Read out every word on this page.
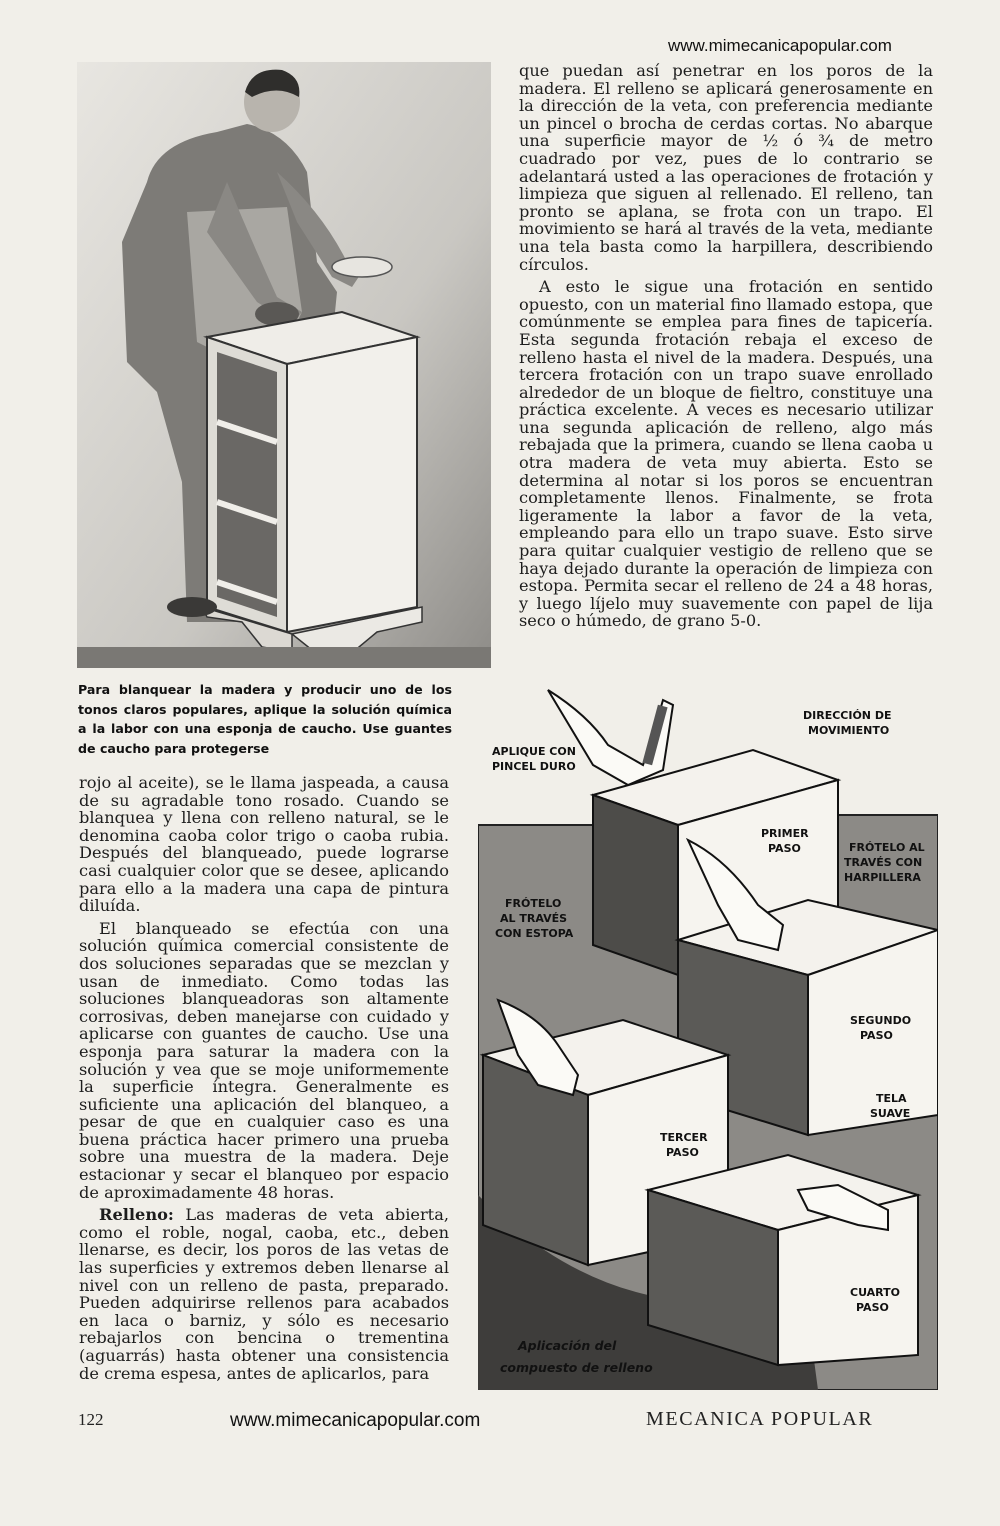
www.mimecanicapopular.com
Para blanquear la madera y producir uno de los tonos claros populares, aplique la solución química a la labor con una esponja de caucho. Use guantes de caucho para protegerse

rojo al aceite), se le llama jaspeada, a causa de su agradable tono rosado. Cuando se blanquea y llena con relleno natural, se le denomina caoba color trigo o caoba rubia. Después del blanqueado, puede lograrse casi cualquier color que se desee, aplicando para ello a la madera una capa de pintura diluída.

El blanqueado se efectúa con una solución química comercial consistente de dos soluciones separadas que se mezclan y usan de inmediato. Como todas las soluciones blanqueadoras son altamente corrosivas, deben manejarse con cuidado y aplicarse con guantes de caucho. Use una esponja para saturar la madera con la solución y vea que se moje uniformemente la superficie íntegra. Generalmente es suficiente una aplicación del blanqueo, a pesar de que en cualquier caso es una buena práctica hacer primero una prueba sobre una muestra de la madera. Deje estacionar y secar el blanqueo por espacio de aproximadamente 48 horas.

Relleno: Las maderas de veta abierta, como el roble, nogal, caoba, etc., deben llenarse, es decir, los poros de las vetas de las superficies y extremos deben llenarse al nivel con un relleno de pasta, preparado. Pueden adquirirse rellenos para acabados en laca o barniz, y sólo es necesario rebajarlos con bencina o trementina (aguarrás) hasta obtener una consistencia de crema espesa, antes de aplicarlos, para

que puedan así penetrar en los poros de la madera. El relleno se aplicará generosamente en la dirección de la veta, con preferencia mediante un pincel o brocha de cerdas cortas. No abarque una superficie mayor de ½ ó ¾ de metro cuadrado por vez, pues de lo contrario se adelantará usted a las operaciones de frotación y limpieza que siguen al rellenado. El relleno, tan pronto se aplana, se frota con un trapo. El movimiento se hará al través de la veta, mediante una tela basta como la harpillera, describiendo círculos.

A esto le sigue una frotación en sentido opuesto, con un material fino llamado estopa, que comúnmente se emplea para fines de tapicería. Esta segunda frotación rebaja el exceso de relleno hasta el nivel de la madera. Después, una tercera frotación con un trapo suave enrollado alrededor de un bloque de fieltro, constituye una práctica excelente. A veces es necesario utilizar una segunda aplicación de relleno, algo más rebajada que la primera, cuando se llena caoba u otra madera de veta muy abierta. Esto se determina al notar si los poros se encuentran completamente llenos. Finalmente, se frota ligeramente la labor a favor de la veta, empleando para ello un trapo suave. Esto sirve para quitar cualquier vestigio de relleno que se haya dejado durante la operación de limpieza con estopa. Permita secar el relleno de 24 a 48 horas, y luego líjelo muy suavemente con papel de lija seco o húmedo, de grano 5-0.

APLIQUE CON
PINCEL DURO
DIRECCIÓN DE
MOVIMIENTO
PRIMER
PASO	FRÓTELO AL
TRAVÉS CON
HARPILLERA
FRÓTELO
AL TRAVÉS
CON ESTOPA
SEGUNDO
PASO
TELA
SUAVE
TERCER
PASO
CUARTO
PASO
Aplicación del
compuesto de relleno
122	www.mimecanicapopular.com	MECANICA POPULAR
